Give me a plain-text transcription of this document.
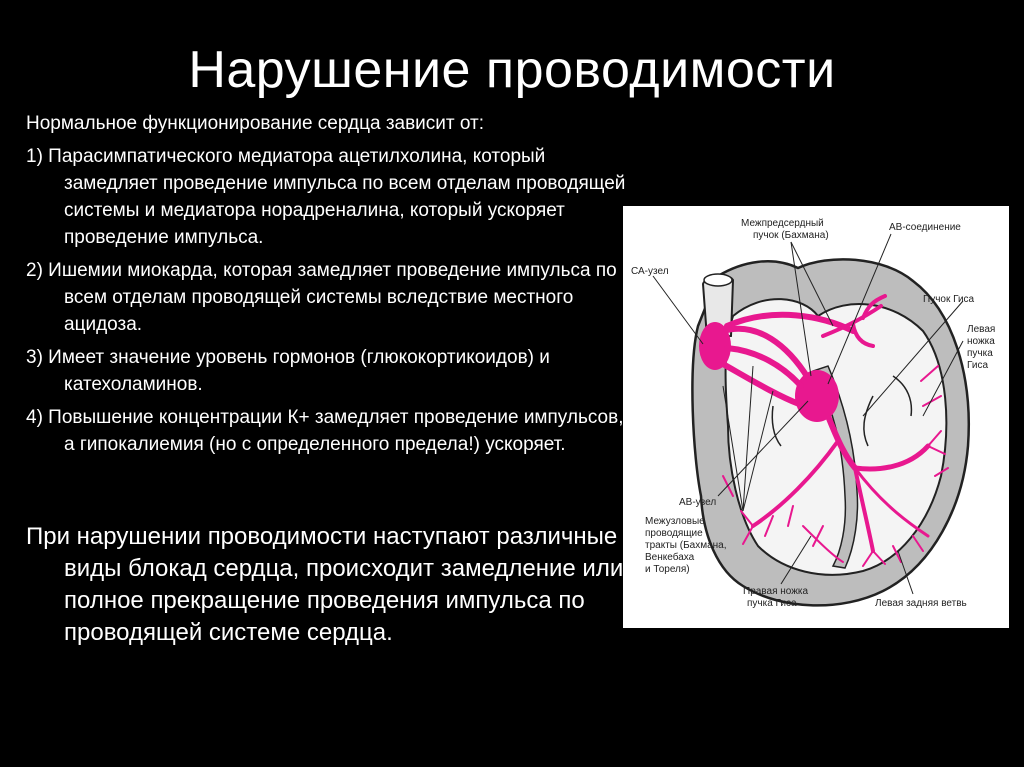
Нарушение проводимости
Нормальное функционирование сердца зависит от:
1) Парасимпатического медиатора ацетилхолина, который замедляет проведение импульса по всем отделам проводящей системы и медиатора норадреналина, который ускоряет проведение импульса.
2) Ишемии миокарда, которая замедляет проведение импульса по всем отделам проводящей системы вследствие местного ацидоза.
3) Имеет значение уровень гормонов (глюкокортикоидов) и катехоламинов.
4) Повышение концентрации К+ замедляет проведение импульсов, а гипокалиемия (но с определенного предела!) ускоряет.
При нарушении проводимости наступают различные виды блокад сердца, происходит замедление или полное прекращение проведения импульса по проводящей системе сердца.
Межпредсердный
пучок (Бахмана)
АВ-соединение
СА-узел
Пучок Гиса
Левая
ножка
пучка
Гиса
АВ-узел
Межузловые
проводящие
тракты (Бахмана,
Венкебаха
и Тореля)
Правая ножка
пучка Гиса	Левая задняя ветвь
